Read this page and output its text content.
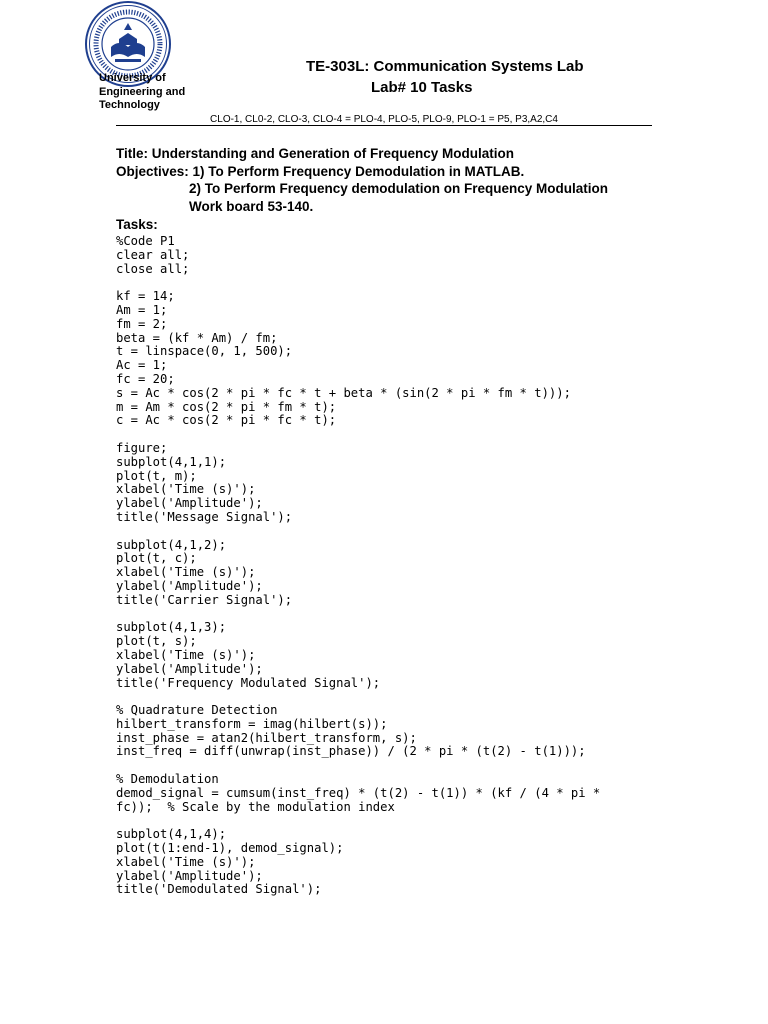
University of
Engineering and
Technology
TE-303L: Communication Systems Lab
Lab# 10 Tasks
CLO-1, CL0-2, CLO-3, CLO-4 = PLO-4, PLO-5, PLO-9, PLO-1 = P5, P3,A2,C4
Title: Understanding and Generation of Frequency Modulation
Objectives: 1) To Perform Frequency Demodulation in MATLAB.
2) To Perform Frequency demodulation on Frequency Modulation
Work board 53-140.
Tasks:
%Code P1
clear all;
close all;

kf = 14;
Am = 1;
fm = 2;
beta = (kf * Am) / fm;
t = linspace(0, 1, 500);
Ac = 1;
fc = 20;
s = Ac * cos(2 * pi * fc * t + beta * (sin(2 * pi * fm * t)));
m = Am * cos(2 * pi * fm * t);
c = Ac * cos(2 * pi * fc * t);

figure;
subplot(4,1,1);
plot(t, m);
xlabel('Time (s)');
ylabel('Amplitude');
title('Message Signal');

subplot(4,1,2);
plot(t, c);
xlabel('Time (s)');
ylabel('Amplitude');
title('Carrier Signal');

subplot(4,1,3);
plot(t, s);
xlabel('Time (s)');
ylabel('Amplitude');
title('Frequency Modulated Signal');

% Quadrature Detection
hilbert_transform = imag(hilbert(s));
inst_phase = atan2(hilbert_transform, s);
inst_freq = diff(unwrap(inst_phase)) / (2 * pi * (t(2) - t(1)));

% Demodulation
demod_signal = cumsum(inst_freq) * (t(2) - t(1)) * (kf / (4 * pi *
fc));  % Scale by the modulation index

subplot(4,1,4);
plot(t(1:end-1), demod_signal);
xlabel('Time (s)');
ylabel('Amplitude');
title('Demodulated Signal');
